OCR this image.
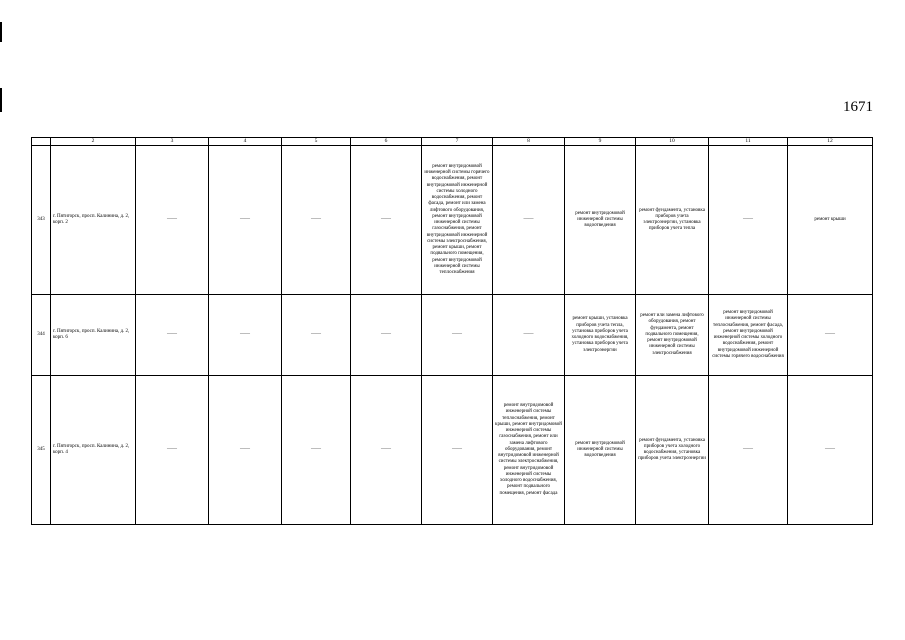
1671
	2	3	4	5	6	7	8	9	10	11	12
343	г. Пятигорск, просп. Калинина, д. 2, корп. 2	——	——	——	——	ремонт внутридомовой инженерной системы горячего водоснабжения, ремонт внутридомовой инженерной системы холодного водоснабжения, ремонт фасада, ремонт или замена лифтового оборудования, ремонт внутридомовой инженерной системы газоснабжения, ремонт внутридомовой инженерной системы электроснабжения, ремонт крыши, ремонт подвального помещения, ремонт внутридомовой инженерной системы теплоснабжения	——	ремонт внутридомовой инженерной системы водоотведения	ремонт фундамента, установка приборов учета электроэнергии, установка приборов учета тепла	——	ремонт крыши
344	г. Пятигорск, просп. Калинина, д. 2, корп. 6	——	——	——	——	——	——	ремонт крыши, установка приборов учета тепла, установка приборов учета холодного водоснабжения, установка приборов учета электроэнергии	ремонт или замена лифтового оборудования, ремонт фундамента, ремонт подвального помещения, ремонт внутридомовой инженерной системы электроснабжения	ремонт внутридомовой инженерной системы теплоснабжения, ремонт фасада, ремонт внутридомовой инженерной системы холодного водоснабжения, ремонт внутридомовой инженерной системы горячего водоснабжения	——
345	г. Пятигорск, просп. Калинина, д. 2, корп. 4	——	——	——	——	——	ремонт внутридомовой инженерной системы теплоснабжения, ремонт крыши, ремонт внутридомовой инженерной системы газоснабжения, ремонт или замена лифтового оборудования, ремонт внутридомовой инженерной системы электроснабжения, ремонт внутридомовой инженерной системы холодного водоснабжения, ремонт подвального помещения, ремонт фасада	ремонт внутридомовой инженерной системы водоотведения	ремонт фундамента, установка приборов учета холодного водоснабжения, установка приборов учета электроэнергии	——	——
